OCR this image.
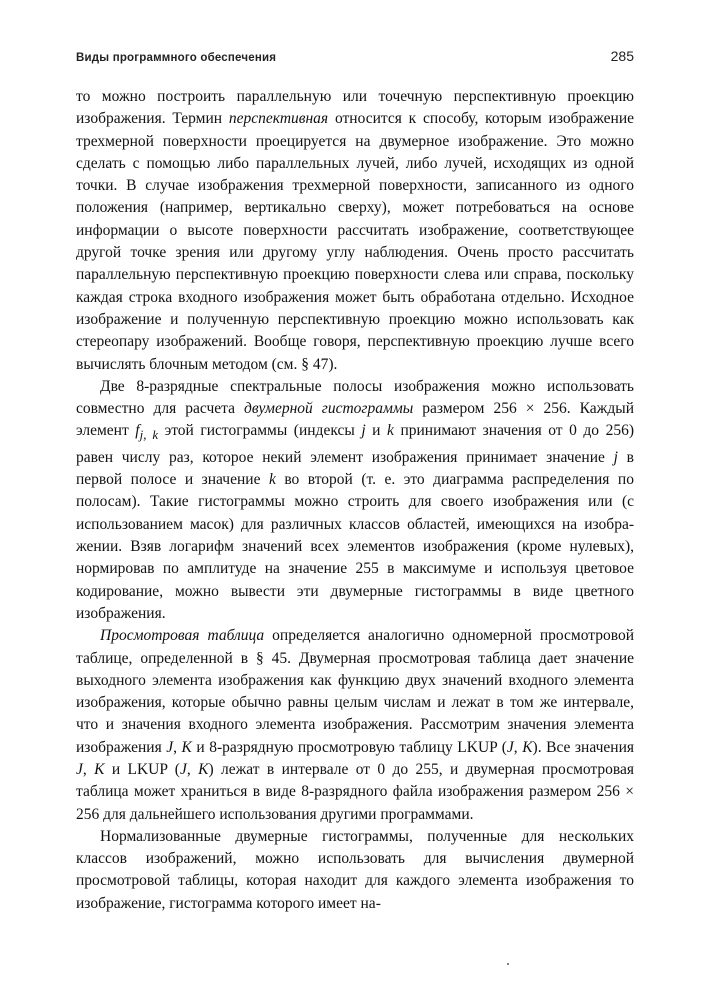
Виды программного обеспечения	285

то можно построить параллельную или точечную перспективную проекцию изображения. Термин перспективная относится к способу, которым изображение трехмерной поверхности проецируется на двумерное изображение. Это можно сделать с помощью либо параллельных лучей, либо лучей, исходящих из одной точки. В случае изображения трехмерной поверхности, записанного из одного положения (например, вертикально сверху), может потребоваться на основе информации о высоте поверхности рассчитать изображение, соответствующее другой точке зрения или другому углу наблюдения. Очень просто рассчитать параллельную перспективную проекцию поверхности слева или справа, поскольку каждая строка входного изображения может быть обработана отдельно. Исходное изображение и полученную перспективную проекцию можно использовать как стереопару изображений. Вообще говоря, перспективную проекцию лучше всего вычислять блочным методом (см. § 47).

Две 8-разрядные спектральные полосы изображения можно использовать совместно для расчета двумерной гистограммы размером 256 × 256. Каждый элемент $f_{j, k}$ этой гистограммы (индексы j и k принимают значения от 0 до 256) равен числу раз, которое некий элемент изображения принимает значение j в первой полосе и значение k во второй (т. е. это диаграмма распределения по полосам). Такие гистограммы можно строить для своего изображения или (с использованием масок) для различных классов областей, имеющихся на изображении. Взяв логарифм значений всех элементов изображения (кроме нулевых), нормировав по амплитуде на значение 255 в максимуме и используя цветовое кодирование, можно вывести эти двумерные гистограммы в виде цветного изображения.

Просмотровая таблица определяется аналогично одномерной просмотровой таблице, определенной в § 45. Двумерная просмотровая таблица дает значение выходного элемента изображения как функцию двух значений входного элемента изображения, которые обычно равны целым числам и лежат в том же интервале, что и значения входного элемента изображения. Рассмотрим значения элемента изображения J, K и 8-разрядную просмотровую таблицу LKUP (J, K). Все значения J, K и LKUP (J, K) лежат в интервале от 0 до 255, и двумерная просмотровая таблица может храниться в виде 8-разрядного файла изображения размером 256 × 256 для дальнейшего использования другими программами.

Нормализованные двумерные гистограммы, полученные для нескольких классов изображений, можно использовать для вычисления двумерной просмотровой таблицы, которая находит для каждого элемента изображения то изображение, гистограмма которого имеет на-
